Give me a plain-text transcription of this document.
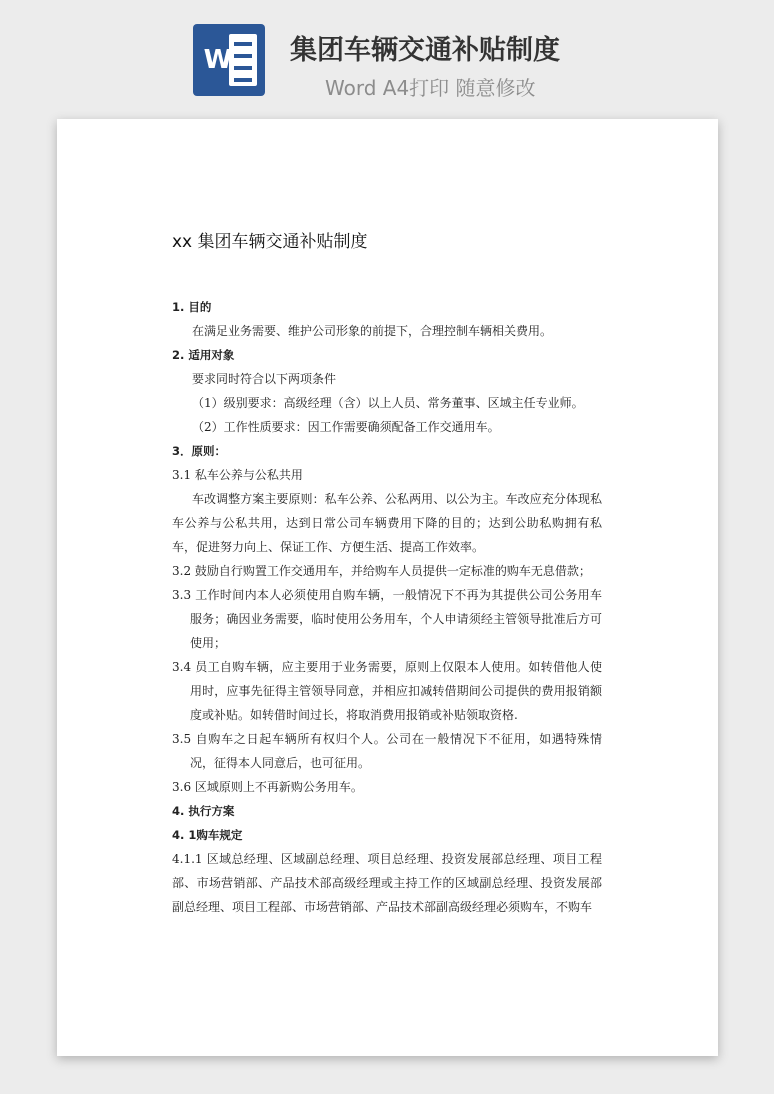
W 集团车辆交通补贴制度
Word A4打印 随意修改

xx 集团车辆交通补贴制度
1. 目的
在满足业务需要、维护公司形象的前提下，合理控制车辆相关费用。
2. 适用对象
要求同时符合以下两项条件
（1）级别要求：高级经理（含）以上人员、常务董事、区域主任专业师。
（2）工作性质要求：因工作需要确须配备工作交通用车。
3．原则：
3.1 私车公养与公私共用
车改调整方案主要原则：私车公养、公私两用、以公为主。车改应充分体现私车公养与公私共用，达到日常公司车辆费用下降的目的；达到公助私购拥有私车，促进努力向上、保证工作、方便生活、提高工作效率。
3.2 鼓励自行购置工作交通用车，并给购车人员提供一定标准的购车无息借款；
3.3 工作时间内本人必须使用自购车辆，一般情况下不再为其提供公司公务用车服务；确因业务需要，临时使用公务用车，个人申请须经主管领导批准后方可使用；
3.4 员工自购车辆，应主要用于业务需要，原则上仅限本人使用。如转借他人使用时，应事先征得主管领导同意，并相应扣减转借期间公司提供的费用报销额度或补贴。如转借时间过长，将取消费用报销或补贴领取资格.
3.5 自购车之日起车辆所有权归个人。公司在一般情况下不征用，如遇特殊情况，征得本人同意后，也可征用。
3.6 区域原则上不再新购公务用车。
4. 执行方案
4. 1购车规定
4.1.1 区域总经理、区域副总经理、项目总经理、投资发展部总经理、项目工程部、市场营销部、产品技术部高级经理或主持工作的区域副总经理、投资发展部副总经理、项目工程部、市场营销部、产品技术部副高级经理必须购车，不购车
